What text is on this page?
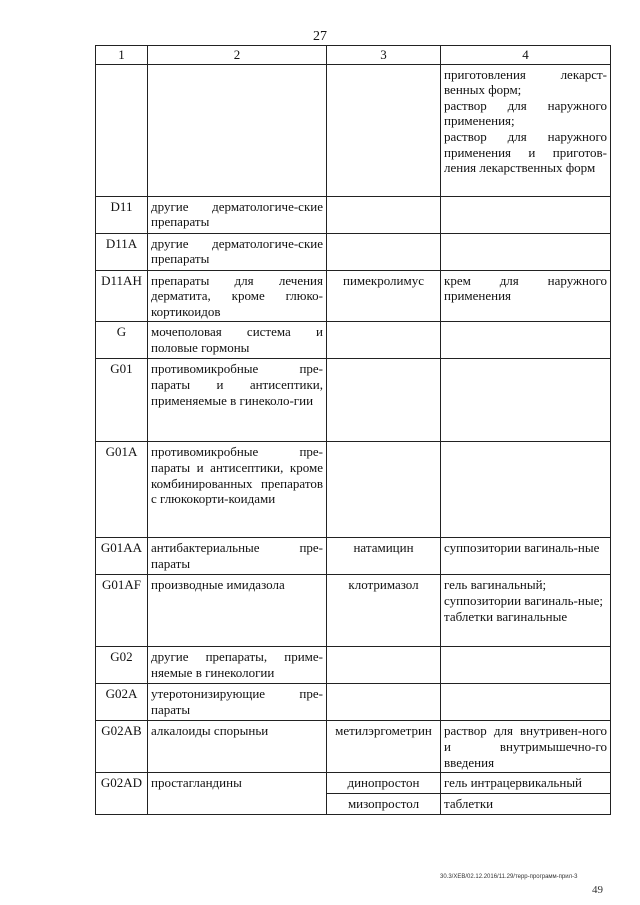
27
1	2	3	4

			приготовления лекарст-венных форм;
раствор для наружного применения;
раствор для наружного применения и приготов-ления лекарственных форм

D11	другие дерматологиче-ские препараты		
D11A	другие дерматологиче-ские препараты		
D11AH	препараты для лечения дерматита, кроме глюко-кортикоидов	пимекролимус	крем для наружного применения

G	мочеполовая система и половые гормоны		
G01	противомикробные пре-параты и антисептики, применяемые в гинеколо-гии		
G01A	противомикробные пре-параты и антисептики, кроме комбинированных препаратов с глюкокорти-коидами		
G01AA	антибактериальные пре-параты	натамицин	суппозитории вагиналь-ные

G01AF	производные имидазола	клотримазол	гель вагинальный;
суппозитории вагиналь-ные;
таблетки вагинальные

G02	другие препараты, приме-няемые в гинекологии		
G02A	утеротонизирующие пре-параты		
G02AB	алкалоиды спорыньи	метилэргометрин	раствор для внутривен-ного и внутримышечно-го введения

G02AD	простагландины	динопростон	гель интрацервикальный
		мизопростол	таблетки
30.3/XEB/02.12.2016/11.29/терр-программ-прил-3
49
